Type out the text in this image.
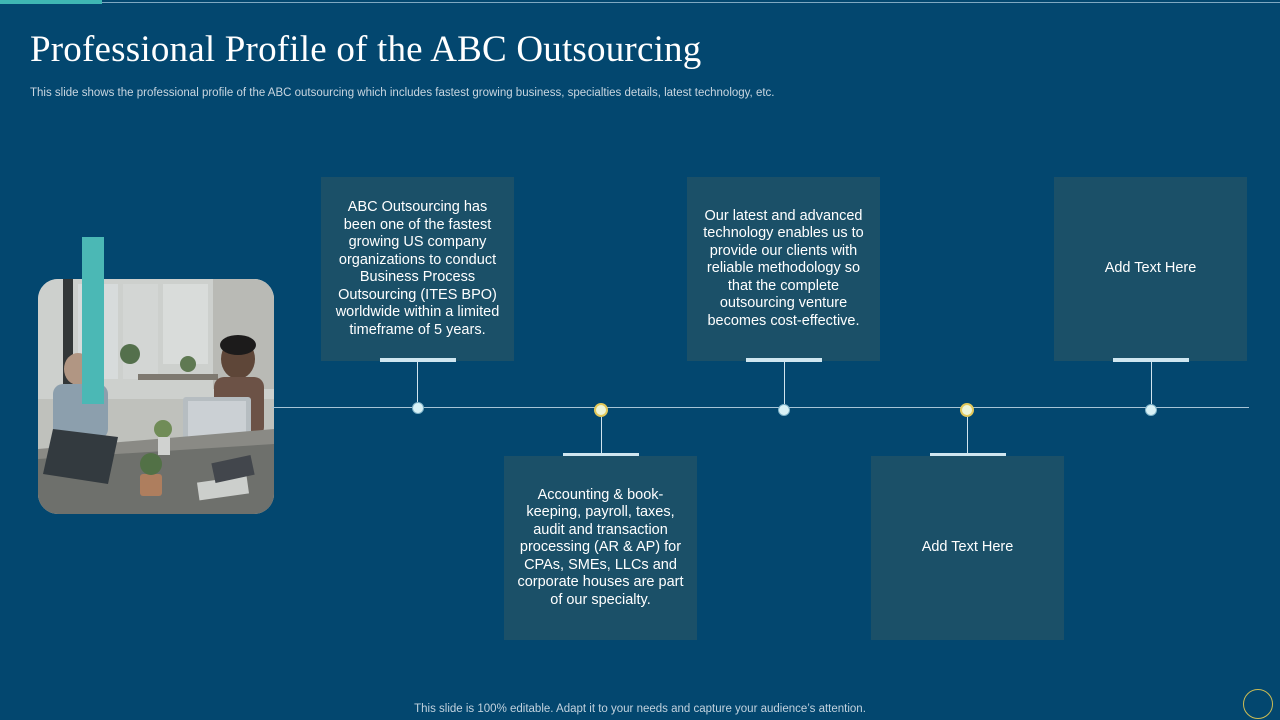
Professional Profile of the ABC Outsourcing

This slide shows the professional profile of the ABC outsourcing which includes fastest growing business, specialties details, latest technology, etc.

ABC Outsourcing has been one of the fastest growing US company organizations to conduct Business Process Outsourcing (ITES BPO) worldwide within a limited timeframe of 5 years.
Accounting & book-keeping, payroll, taxes, audit and transaction processing (AR & AP) for CPAs, SMEs, LLCs and corporate houses are part of our specialty.
Our latest and advanced technology enables us to provide our clients with reliable methodology so that the complete outsourcing venture becomes cost-effective.
Add Text Here
Add Text Here
This slide is 100% editable. Adapt it to your needs and capture your audience’s attention.
